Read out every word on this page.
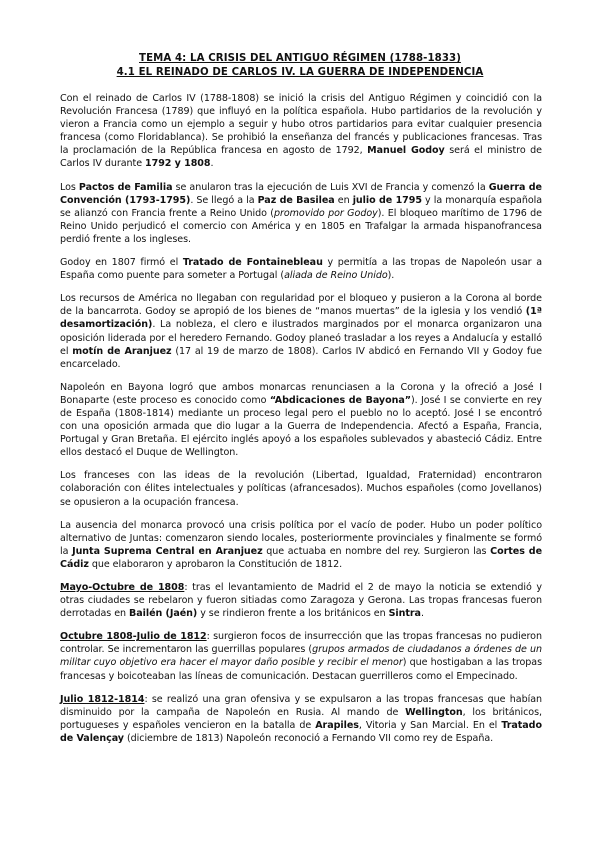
TEMA 4: LA CRISIS DEL ANTIGUO RÉGIMEN (1788-1833)
4.1 EL REINADO DE CARLOS IV. LA GUERRA DE INDEPENDENCIA

Con el reinado de Carlos IV (1788-1808) se inició la crisis del Antiguo Régimen y coincidió con la Revolución Francesa (1789) que influyó en la política española. Hubo partidarios de la revolución y vieron a Francia como un ejemplo a seguir y hubo otros partidarios para evitar cualquier presencia francesa (como Floridablanca). Se prohibió la enseñanza del francés y publicaciones francesas. Tras la proclamación de la República francesa en agosto de 1792, Manuel Godoy será el ministro de Carlos IV durante 1792 y 1808.

Los Pactos de Familia se anularon tras la ejecución de Luis XVI de Francia y comenzó la Guerra de Convención (1793-1795). Se llegó a la Paz de Basilea en julio de 1795 y la monarquía española se alianzó con Francia frente a Reino Unido (promovido por Godoy). El bloqueo marítimo de 1796 de Reino Unido perjudicó el comercio con América y en 1805 en Trafalgar la armada hispanofrancesa perdió frente a los ingleses.

Godoy en 1807 firmó el Tratado de Fontainebleau y permitía a las tropas de Napoleón usar a España como puente para someter a Portugal (aliada de Reino Unido).

Los recursos de América no llegaban con regularidad por el bloqueo y pusieron a la Corona al borde de la bancarrota. Godoy se apropió de los bienes de “manos muertas” de la iglesia y los vendió (1ª desamortización). La nobleza, el clero e ilustrados marginados por el monarca organizaron una oposición liderada por el heredero Fernando. Godoy planeó trasladar a los reyes a Andalucía y estalló el motín de Aranjuez (17 al 19 de marzo de 1808). Carlos IV abdicó en Fernando VII y Godoy fue encarcelado.

Napoleón en Bayona logró que ambos monarcas renunciasen a la Corona y la ofreció a José I Bonaparte (este proceso es conocido como “Abdicaciones de Bayona”). José I se convierte en rey de España (1808-1814) mediante un proceso legal pero el pueblo no lo aceptó. José I se encontró con una oposición armada que dio lugar a la Guerra de Independencia. Afectó a España, Francia, Portugal y Gran Bretaña. El ejército inglés apoyó a los españoles sublevados y abasteció Cádiz. Entre ellos destacó el Duque de Wellington.

Los franceses con las ideas de la revolución (Libertad, Igualdad, Fraternidad) encontraron colaboración con élites intelectuales y políticas (afrancesados). Muchos españoles (como Jovellanos) se opusieron a la ocupación francesa.

La ausencia del monarca provocó una crisis política por el vacío de poder. Hubo un poder político alternativo de Juntas: comenzaron siendo locales, posteriormente provinciales y finalmente se formó la Junta Suprema Central en Aranjuez que actuaba en nombre del rey. Surgieron las Cortes de Cádiz que elaboraron y aprobaron la Constitución de 1812.

Mayo-Octubre de 1808: tras el levantamiento de Madrid el 2 de mayo la noticia se extendió y otras ciudades se rebelaron y fueron sitiadas como Zaragoza y Gerona. Las tropas francesas fueron derrotadas en Bailén (Jaén) y se rindieron frente a los británicos en Sintra.

Octubre 1808-Julio de 1812: surgieron focos de insurrección que las tropas francesas no pudieron controlar. Se incrementaron las guerrillas populares (grupos armados de ciudadanos a órdenes de un militar cuyo objetivo era hacer el mayor daño posible y recibir el menor) que hostigaban a las tropas francesas y boicoteaban las líneas de comunicación. Destacan guerrilleros como el Empecinado.

Julio 1812-1814: se realizó una gran ofensiva y se expulsaron a las tropas francesas que habían disminuido por la campaña de Napoleón en Rusia. Al mando de Wellington, los británicos, portugueses y españoles vencieron en la batalla de Arapiles, Vitoria y San Marcial. En el Tratado de Valençay (diciembre de 1813) Napoleón reconoció a Fernando VII como rey de España.
